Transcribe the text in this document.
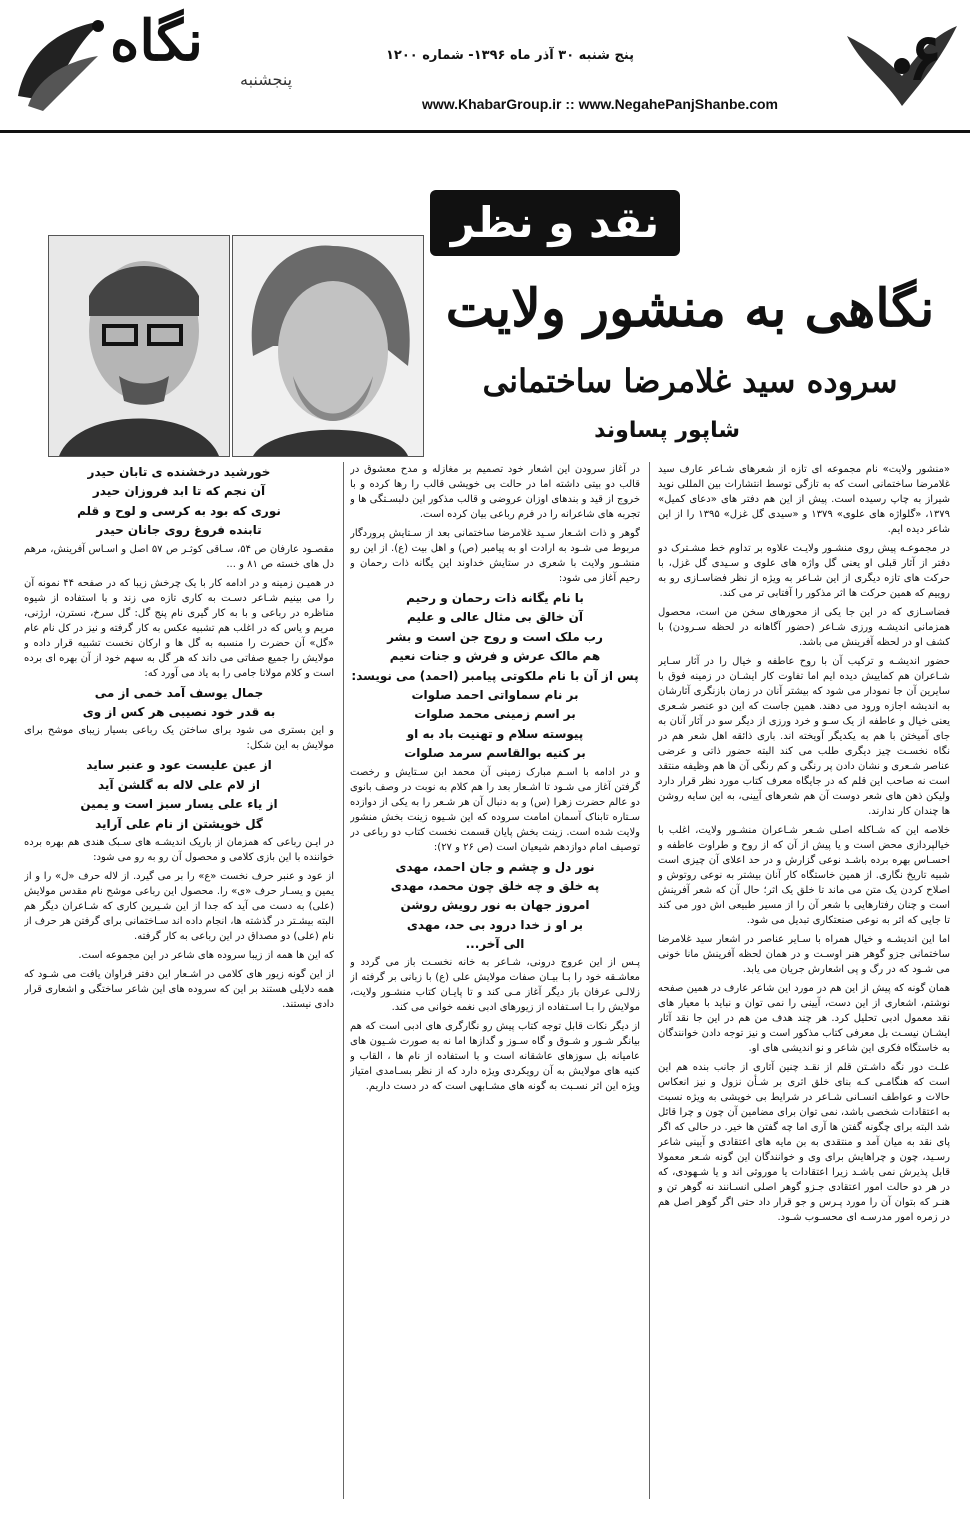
نگاه
پنجشنبه
پنج شنبه ۳۰ آذر ماه ۱۳۹۶- شماره ۱۲۰۰
www.KhabarGroup.ir :: www.NegahePanjShanbe.com
۶
نقد و نظر
نگاهی به منشور ولایت
سروده سید غلامرضا ساختمانی
شاپور پساوند

«منشور ولایت» نام مجموعه ای تازه از شعرهای شـاعر عارف سید غلامرضا ساختمانی است که به تازگی توسط انتشارات بین المللی نوید شیراز به چاپ رسیده است. پیش از این هم دفتر های «دعای کمیل» ۱۳۷۹، «گلواژه های علوی» ۱۳۷۹ و «سیدی گل غزل» ۱۳۹۵ را از این شاعر دیده ایم.

در مجموعـه پیش روی منشـور ولایـت علاوه بر تداوم خط مشـترک دو دفتر از آثار قبلی او یعنی گل واژه های علوی و سـیدی گل غزل، با حرکت های تازه دیگری از این شـاعر به ویژه از نظر فضاسـازی رو به روییم که همین حرکت ها اثر مذکور را آفتابی تر می کند.

فضاسـازی که در این جا یکی از محورهای سخن من است، محصول همزمانی اندیشـه ورزی شـاعر (حضور آگاهانه در لحظه سـرودن) با کشف او در لحظه آفرینش می باشد.

حضور اندیشـه و ترکیب آن با روح عاطفه و خیال را در آثار سـایر شـاعران هم کماییش دیده ایم اما تفاوت کار ایشـان در زمینه فوق با سایرین آن جا نمودار می شود که بیشتر آنان در زمان بازنگری آثارشان به اندیشه اجازه ورود می دهند. همین جاست که این دو عنصر شـعری یعنی خیال و عاطفه از یک سـو و خرد ورزی از دیگر سو در آثار آنان به جای آمیختن با هم به یکدیگر آویخته اند. باری ذائقه اهل شعر هم در نگاه نخسـت چیز دیگری طلب می کند البته حضور ذاتی و عرضی عناصر شـعری و نشان دادن پر رنگی و کم رنگی آن ها هم وظیفه منتقد است نه صاحب این قلم که در جایگاه معرف کتاب مورد نظر قرار دارد ولیکن ذهن های شعر دوست آن هم شعرهای آیینی، به این سایه روشن ها چندان کار ندارند.

خلاصه این که شـاکله اصلی شـعر شـاعران منشـور ولایت، اغلب با خیالپردازی محض است و یا پیش از آن که از روح و طراوت عاطفه و احسـاس بهره برده باشـد نوعی گزارش و در حد اعلای آن چیزی است شبیه تاریخ نگاری. از همین خاستگاه کار آنان بیشتر به نوعی روتوش و اصلاح کردن یک متن می ماند تا خلق یک اثر؛ حال آن که شعر آفرینش است و چنان رفتارهایی با شعر آن را از مسیر طبیعی اش دور می کند تا جایی که اثر به نوعی صنعتکاری تبدیل می شود.

اما این اندیشـه و خیال همراه با سـایر عناصر در اشعار سید غلامرضا ساختمانی جزو گوهر هنر اوسـت و در همان لحظه آفرینش مانا خونی می شـود که در رگ و پی اشعارش جریان می یابد.

همان گونه که پیش از این هم در مورد این شاعر عارف در همین صفحه نوشتم، اشعاری از این دست، آیینی را نمی توان و نباید با معیار های نقد معمول ادبی تحلیل کرد. هر چند هدف من هم در این جا نقد آثار ایشـان نیسـت بل معرفی کتاب مذکور است و نیز توجه دادن خوانندگان به خاستگاه فکری این شاعر و نو اندیشی های او.

علـت دور نگه داشـتن قلم از نقـد چنین آثاری از جانب بنده هم این است که هنگامـی کـه بنای خلق اثری بر شـأن نزول و نیز انعکاس حالات و عواطف انسـانی شـاعر در شرایط بی خویشی به ویژه نسبت به اعتقادات شخصی باشد، نمی توان برای مضامین آن چون و چرا قائل شد البته برای چگونه گفتن ها آری اما چه گفتن ها خیر. در حالی که اگر پای نقد به میان آمد و منتقدی به بن مایه های اعتقادی و آیینی شاعر رسـید، چون و چراهایش برای وی و خوانندگان این گونه شـعر معمولا قابل پذیرش نمی باشـد زیرا اعتقادات یا موروثی اند و یا شـهودی، که در هر دو حالت امور اعتقادی جـزو گوهر اصلی انسـانند نه گوهر تن و هنـر که بتوان آن را مورد پـرس و جو قرار داد حتی اگر گوهر اصل هم در زمره امور مدرسـه ای محسـوب شـود.

در آغاز سرودن این اشعار خود تصمیم بر مغازله و مدح معشوق در قالب دو بیتی داشته اما در حالت بی خویشی قالب را رها کرده و با خروج از قید و بندهای اوزان عروضی و قالب مذکور این دلبسـتگی ها و تجربه های شاعرانه را در فرم رباعی بیان کرده است.

گوهر و ذات اشـعار سـید غلامرضا ساختمانی بعد از سـتایش پروردگار مربوط می شـود به ارادت او به پیامبر (ص) و اهل بیت (ع). از این رو منشـور ولایت با شعری در ستایش خداوند این یگانه ذات رحمان و رحیم آغاز می شود:

با نام یگانه ذات رحمان و رحیم
آن خالق بی مثال عالی و علیم
رب ملک است و روح جن است و بشر
هم مالک عرش و فرش و جنات نعیم
پس از آن با نام ملکوتی پیامبر (احمد) می نویسد:
بر نام سماواتی احمد صلوات
بر اسم زمینی محمد صلوات
پیوسته سلام و تهنیت باد به او
بر کنیه بوالقاسم سرمد صلوات

و در ادامه با اسـم مبارک زمینی آن محمد ابن سـتایش و رخصت گرفتن آغاز می شـود تا اشـعار بعد را هم کلام به نوبت در وصف بانوی دو عالم حضرت زهرا (س) و به دنبال آن هر شـعر را به یکی از دوازده سـتاره تابناک آسمان امامت سروده که این شـیوه زینت بخش منشور ولایت شده است. زینت بخش پایان قسمت نخست کتاب دو رباعی در توصیف امام دوازدهم شیعیان است (ص ۲۶ و ۲۷):

نور دل و چشم و جان احمد، مهدی
په خلق و چه خلق چون محمد، مهدی
امروز جهان به نور رویش روشن
بر او ز خدا درود بی حد، مهدی
الی آخر...

پـس از این عروج درونی، شـاعر به خانه نخسـت باز می گردد و معاشـقه خود را بـا بیـان صفات مولایش علی (ع) با زبانی بر گرفته از زلالـی عرفان باز دیگر آغاز مـی کند و تا پایـان کتاب منشـور ولایت، مولایش را بـا اسـتفاده از زیورهای ادبی نغمه خوانی می کند.

از دیگر نکات قابل توجه کتاب پیش رو نگارگری های ادبی است که هم بیانگر شـور و شـوق و گاه سـوز و گدازها اما نه به صورت شـیون های عامیانه بل سوزهای عاشقانه است و با استفاده از نام ها ، القاب و کنیه های مولایش به آن رویکردی ویژه دارد که از نظر بسـامدی امتیاز ویژه این اثر نسـبت به گونه های مشـابهی است که در دست داریم.

خورشید درخشنده ی تابان حیدر
آن نجم که تا ابد فروزان حیدر
نوری که بود به کرسی و لوح و قلم
تابنده فروغ روی جانان حیدر

مقصـود عارفان ص ۵۴، سـاقی کوثـر ص ۵۷ اصل و اسـاس آفرینش، مرهم دل های خسته ص ۸۱ و ...

در همیـن زمینه و در ادامه کار با یک چرخش زیبا که در صفحه ۴۴ نمونه آن را می بینیم شـاعر دسـت به کاری تازه می زند و با استفاده از شیوه مناظره در رباعی و با به کار گیری نام پنج گل: گل سرخ، نسترن، ارژنی، مریم و یاس که در اغلب هم تشبیه عکس به کار گرفته و نیز در کل نام عام «گل» آن حضرت را منسبه به گل ها و ارکان نخست تشبیه قرار داده و مولایش را جمیع صفاتی می داند که هر گل به سهم خود از آن بهره ای برده است و کلام مولانا جامی را به یاد می آورد که:

جمال یوسف آمد خمی از می
به قدر خود نصیبی هر کس از وی

و این بستری می شود برای ساختن یک رباعی بسیار زیبای موشح برای مولایش به این شکل:

از عین علیست عود و عنبر ساید
از لام علی لاله به گلشن آید
از یاء علی یسار سبز است و یمین
گل خویشتن از نام علی آراید

در ایـن رباعی که همزمان از باریک اندیشـه های سـبک هندی هم بهره برده خواننده با این بازی کلامی و محصول آن رو به رو می شود:

از عود و عنبر حرف نخست «ع» را بر می گیرد. از لاله حرف «ل» را و از یمین و یسـار حرف «ی» را. محصول این رباعی موشح نام مقدس مولایش (علی) به دست می آید که جدا از این شـیرین کاری که شـاعران دیگر هم البته بیشـتر در گذشته ها، انجام داده اند سـاختمانی برای گرفتن هر حرف از نام (علی) دو مصداق در این رباعی به کار گرفته.

که این ها همه از زیبا سروده های شاعر در این مجموعه است.

از این گونه زیور های کلامی در اشـعار این دفتر فراوان یافت می شـود که همه دلایلی هستند بر این که سروده های این شاعر ساختگی و اشعاری قرار دادی نیستند.
